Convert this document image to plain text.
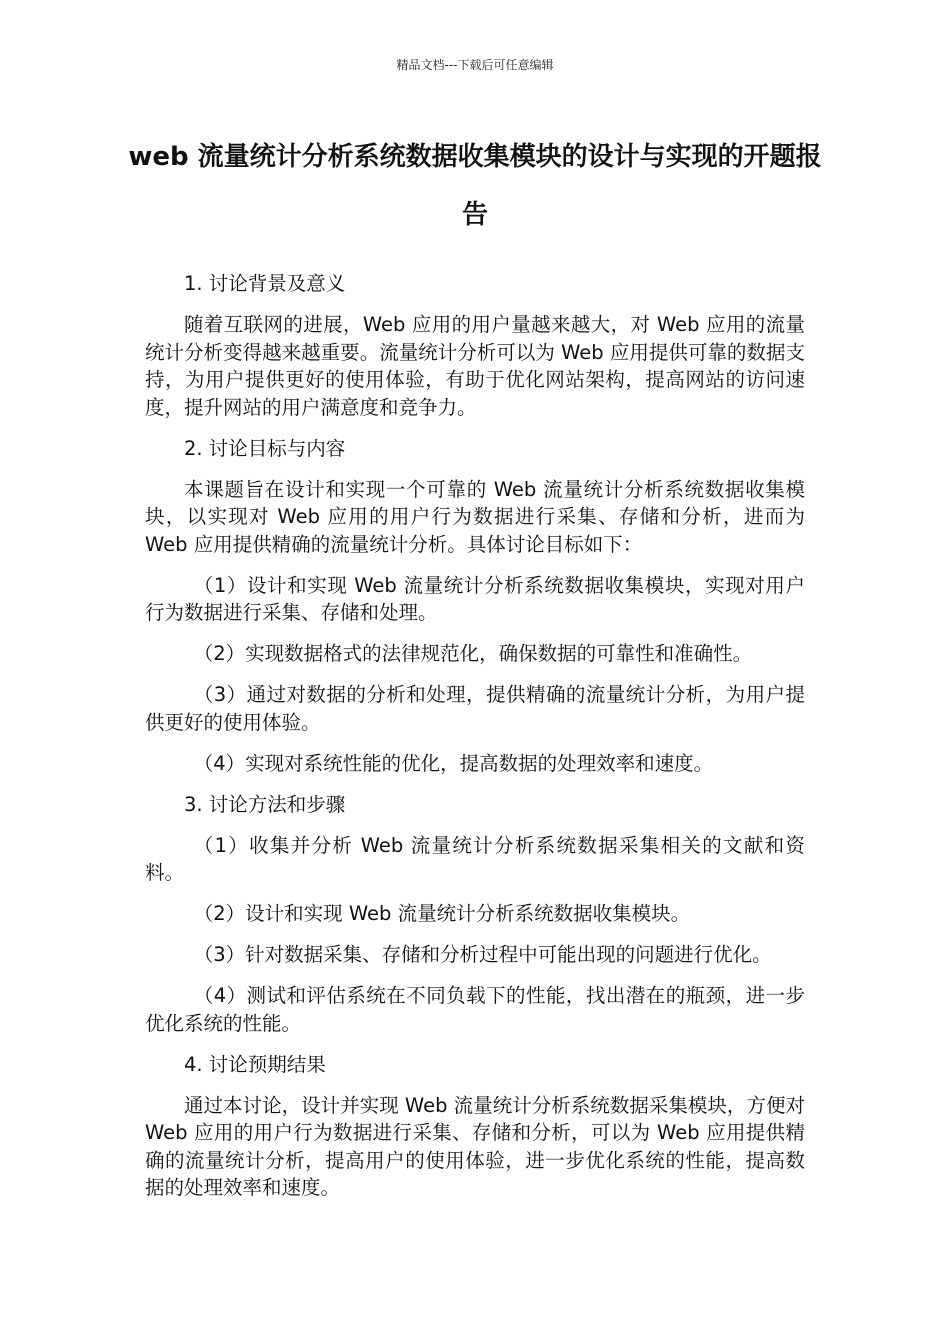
精品文档---下载后可任意编辑
web 流量统计分析系统数据收集模块的设计与实现的开题报告
1. 讨论背景及意义

随着互联网的进展，Web 应用的用户量越来越大，对 Web 应用的流量统计分析变得越来越重要。流量统计分析可以为 Web 应用提供可靠的数据支持，为用户提供更好的使用体验，有助于优化网站架构，提高网站的访问速度，提升网站的用户满意度和竞争力。

2. 讨论目标与内容

本课题旨在设计和实现一个可靠的 Web 流量统计分析系统数据收集模块，以实现对 Web 应用的用户行为数据进行采集、存储和分析，进而为 Web 应用提供精确的流量统计分析。具体讨论目标如下：

（1）设计和实现 Web 流量统计分析系统数据收集模块，实现对用户行为数据进行采集、存储和处理。

（2）实现数据格式的法律规范化，确保数据的可靠性和准确性。

（3）通过对数据的分析和处理，提供精确的流量统计分析，为用户提供更好的使用体验。

（4）实现对系统性能的优化，提高数据的处理效率和速度。

3. 讨论方法和步骤

（1）收集并分析 Web 流量统计分析系统数据采集相关的文献和资料。

（2）设计和实现 Web 流量统计分析系统数据收集模块。

（3）针对数据采集、存储和分析过程中可能出现的问题进行优化。

（4）测试和评估系统在不同负载下的性能，找出潜在的瓶颈，进一步优化系统的性能。

4. 讨论预期结果

通过本讨论，设计并实现 Web 流量统计分析系统数据采集模块，方便对 Web 应用的用户行为数据进行采集、存储和分析，可以为 Web 应用提供精确的流量统计分析，提高用户的使用体验，进一步优化系统的性能，提高数据的处理效率和速度。
